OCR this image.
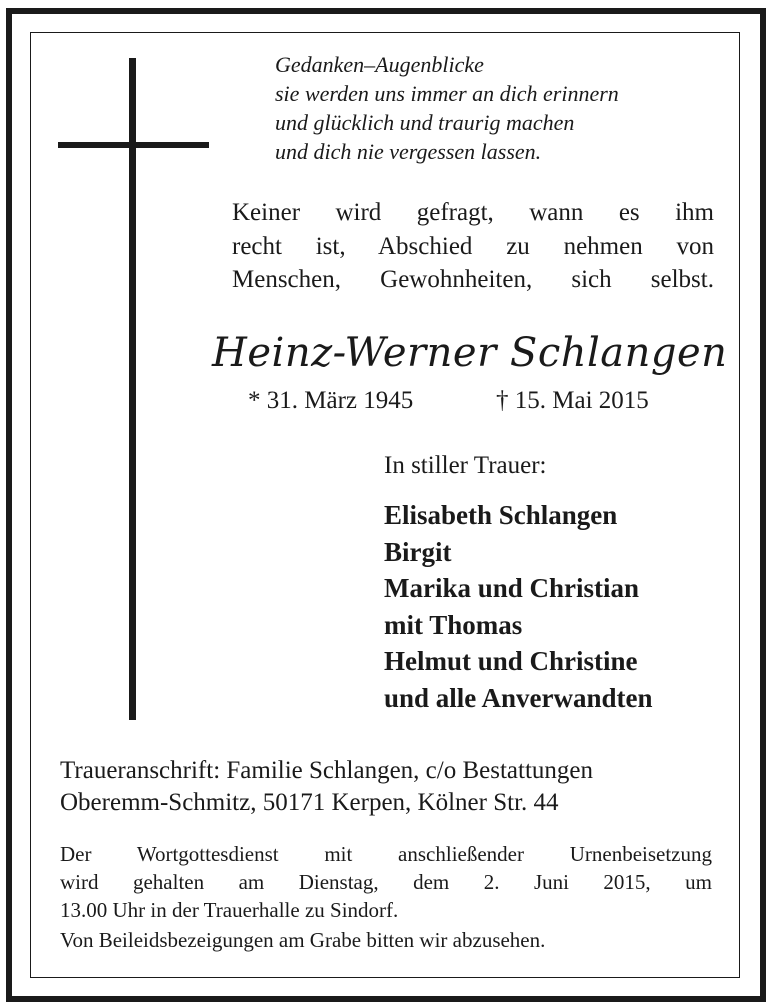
Gedanken–Augenblicke
sie werden uns immer an dich erinnern
und glücklich und traurig machen
und dich nie vergessen lassen.
Keiner wird gefragt, wann es ihm
recht ist, Abschied zu nehmen von
Menschen, Gewohnheiten, sich selbst.
Heinz-Werner Schlangen
* 31. März 1945	† 15. Mai 2015
In stiller Trauer:
Elisabeth Schlangen
Birgit
Marika und Christian
mit Thomas
Helmut und Christine
und alle Anverwandten
Traueranschrift: Familie Schlangen, c/o Bestattungen
Oberemm-Schmitz, 50171 Kerpen, Kölner Str. 44
Der Wortgottesdienst mit anschließender Urnenbeisetzung
wird gehalten am Dienstag, dem 2. Juni 2015, um
13.00 Uhr in der Trauerhalle zu Sindorf.
Von Beileidsbezeigungen am Grabe bitten wir abzusehen.
